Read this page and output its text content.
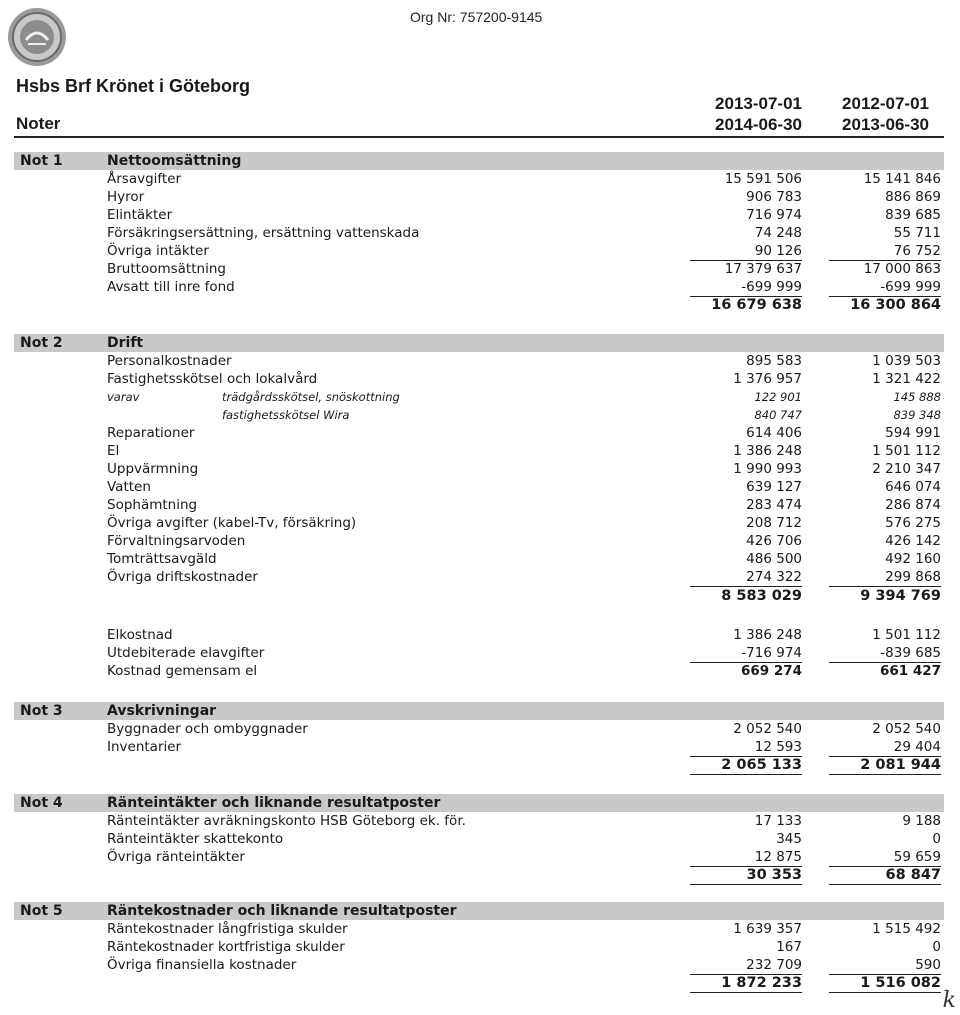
Org Nr: 757200-9145
Hsbs Brf Krönet i Göteborg
2013-07-01
2014-06-30
2012-07-01
2013-06-30
Noter
Not 1	Nettoomsättning
Årsavgifter	15 591 506	15 141 846
Hyror	906 783	886 869
Elintäkter	716 974	839 685
Försäkringsersättning, ersättning vattenskada	74 248	55 711
Övriga intäkter	90 126	76 752
Bruttoomsättning	17 379 637	17 000 863
Avsatt till inre fond	-699 999	-699 999
16 679 638	16 300 864
Not 2	Drift
Personalkostnader	895 583	1 039 503
Fastighetsskötsel och lokalvård	1 376 957	1 321 422
varav	trädgårdsskötsel, snöskottning	122 901	145 888
fastighetsskötsel Wira	840 747	839 348
Reparationer	614 406	594 991
El	1 386 248	1 501 112
Uppvärmning	1 990 993	2 210 347
Vatten	639 127	646 074
Sophämtning	283 474	286 874
Övriga avgifter (kabel-Tv, försäkring)	208 712	576 275
Förvaltningsarvoden	426 706	426 142
Tomträttsavgäld	486 500	492 160
Övriga driftskostnader	274 322	299 868
8 583 029	9 394 769
Elkostnad	1 386 248	1 501 112
Utdebiterade elavgifter	-716 974	-839 685
Kostnad gemensam el	669 274	661 427
Not 3	Avskrivningar
Byggnader och ombyggnader	2 052 540	2 052 540
Inventarier	12 593	29 404
2 065 133	2 081 944
Not 4	Ränteintäkter och liknande resultatposter
Ränteintäkter avräkningskonto HSB Göteborg ek. för.	17 133	9 188
Ränteintäkter skattekonto	345	0
Övriga ränteintäkter	12 875	59 659
30 353	68 847
Not 5	Räntekostnader och liknande resultatposter
Räntekostnader långfristiga skulder	1 639 357	1 515 492
Räntekostnader kortfristiga skulder	167	0
Övriga finansiella kostnader	232 709	590
1 872 233	1 516 082
k
